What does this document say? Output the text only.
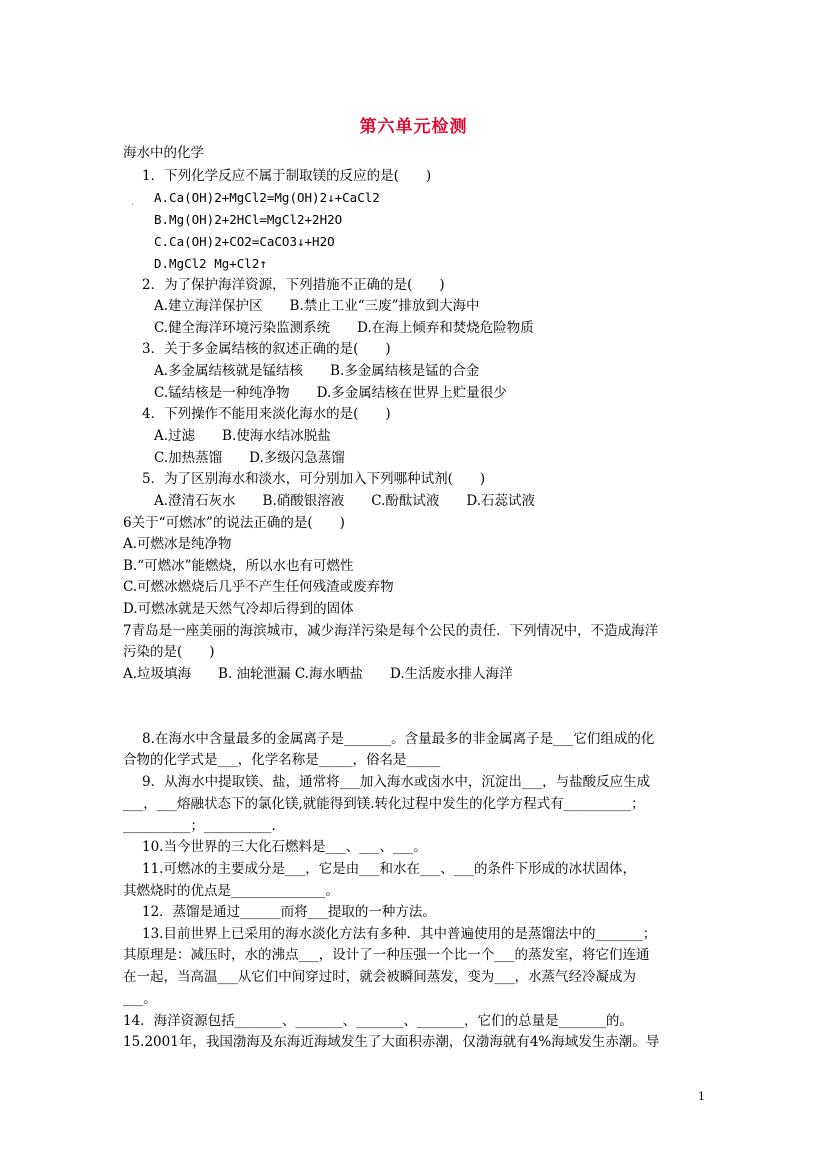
第六单元检测
海水中的化学
1．下列化学反应不属于制取镁的反应的是(　　)
. A.Ca(OH)2+MgCl2=Mg(OH)2↓+CaCl2
B.Mg(OH)2+2HCl=MgCl2+2H2O
C.Ca(OH)2+CO2=CaCO3↓+H2O
D.MgCl2 Mg+Cl2↑
2．为了保护海洋资源，下列措施不正确的是(　　)
A.建立海洋保护区　　B.禁止工业“三废”排放到大海中
C.健全海洋环境污染监测系统　　D.在海上倾弃和焚烧危险物质
3．关于多金属结核的叙述正确的是(　　)
A.多金属结核就是锰结核　　B.多金属结核是锰的合金
C.锰结核是一种纯净物　　D.多金属结核在世界上贮量很少
4．下列操作不能用来淡化海水的是(　　)
A.过滤　　B.使海水结冰脱盐
C.加热蒸馏　　D.多级闪急蒸馏
5．为了区别海水和淡水，可分别加入下列哪种试剂(　　)
A.澄清石灰水　　B.硝酸银溶液　　C.酚酞试液　　D.石蕊试液
6关于“可燃冰”的说法正确的是(　　)
A.可燃冰是纯净物
B.“可燃冰”能燃烧，所以水也有可燃性
C.可燃冰燃烧后几乎不产生任何残渣或废弃物
D.可燃冰就是天然气冷却后得到的固体
7青岛是一座美丽的海滨城市，减少海洋污染是每个公民的责任．下列情况中，不造成海洋
污染的是(　　)
A.垃圾填海　　B. 油轮泄漏 C.海水晒盐　　D.生活废水排人海洋
8.在海水中含量最多的金属离子是_______。含量最多的非金属离子是___它们组成的化
合物的化学式是___，化学名称是_____，俗名是_____
9．从海水中提取镁、盐，通常将___加入海水或卤水中，沉淀出___，与盐酸反应生成
___，___熔融状态下的氯化镁,就能得到镁.转化过程中发生的化学方程式有__________；
__________；__________.
10.当今世界的三大化石燃料是___、___、___。
11.可燃冰的主要成分是___，它是由___和水在___、___的条件下形成的冰状固体，
其燃烧时的优点是______________。
12．蒸馏是通过______而将___提取的一种方法。
13.目前世界上已采用的海水淡化方法有多种．其中普遍使用的是蒸馏法中的_______；
其原理是：减压时，水的沸点___，设计了一种压强一个比一个___的蒸发室，将它们连通
在一起，当高温___从它们中间穿过时，就会被瞬间蒸发，变为___，水蒸气经冷凝成为
___。
14．海洋资源包括_______、_______、_______、_______，它们的总量是_______的。
15.2001年，我国渤海及东海近海域发生了大面积赤潮，仅渤海就有4%海域发生赤潮。导
1
